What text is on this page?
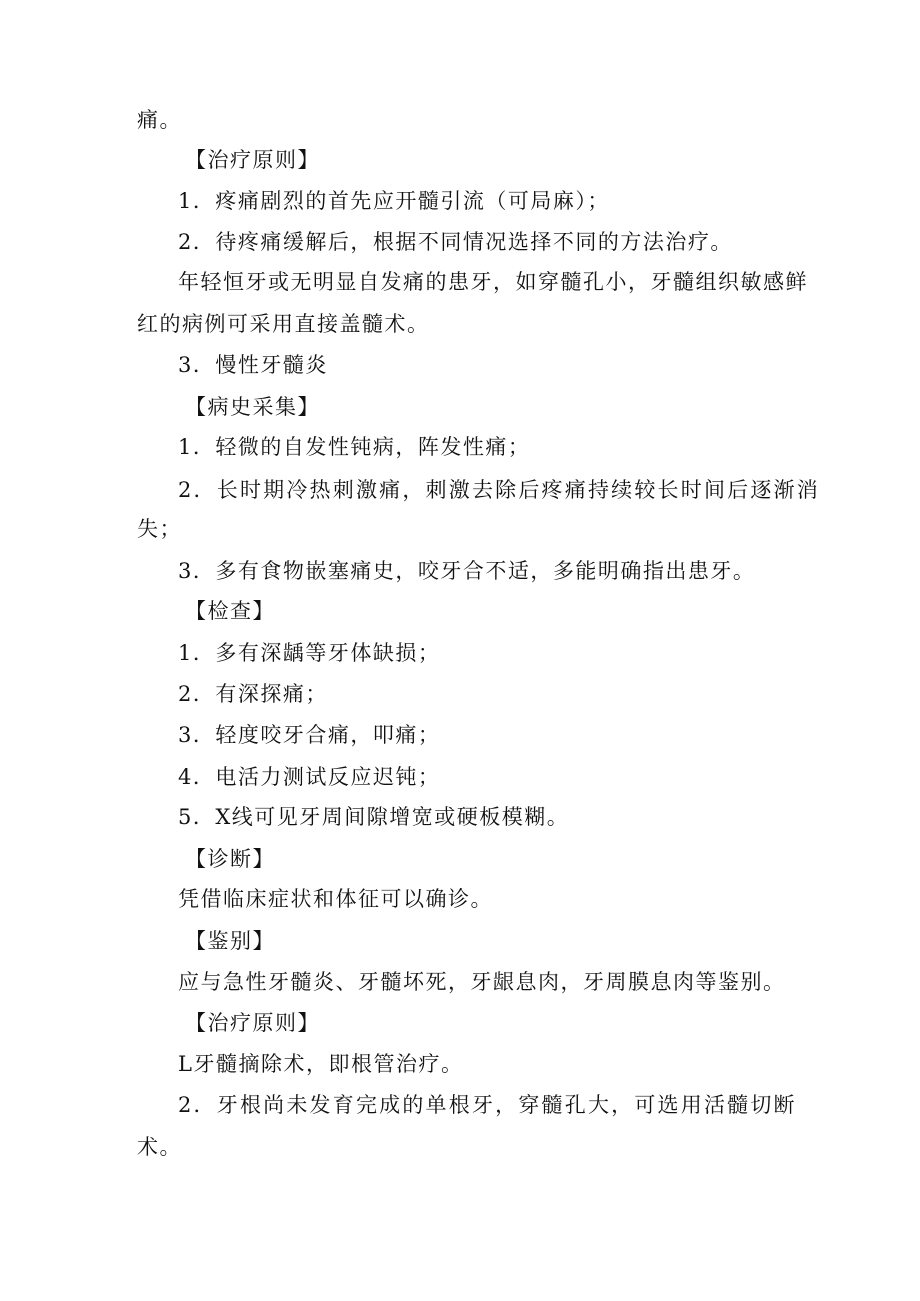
痛。
【治疗原则】
1．疼痛剧烈的首先应开髓引流（可局麻）；
2．待疼痛缓解后，根据不同情况选择不同的方法治疗。
年轻恒牙或无明显自发痛的患牙，如穿髓孔小，牙髓组织敏感鲜
红的病例可采用直接盖髓术。
3．慢性牙髓炎
【病史采集】
1．轻微的自发性钝病，阵发性痛；
2．长时期冷热刺激痛，刺激去除后疼痛持续较长时间后逐渐消
失；
3．多有食物嵌塞痛史，咬牙合不适，多能明确指出患牙。
【检查】
1．多有深龋等牙体缺损；
2．有深探痛；
3．轻度咬牙合痛，叩痛；
4．电活力测试反应迟钝；
5．X线可见牙周间隙增宽或硬板模糊。
【诊断】
凭借临床症状和体征可以确诊。
【鉴别】
应与急性牙髓炎、牙髓坏死，牙龈息肉，牙周膜息肉等鉴别。
【治疗原则】
L牙髓摘除术，即根管治疗。
2．牙根尚未发育完成的单根牙，穿髓孔大，可选用活髓切断
术。
